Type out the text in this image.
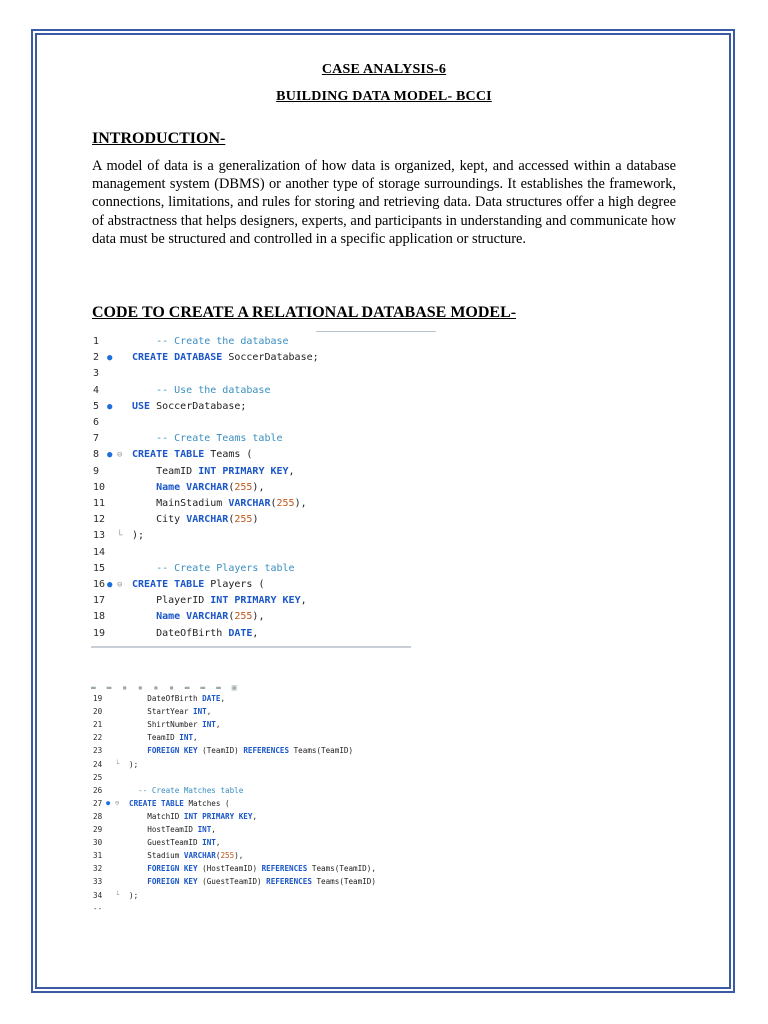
CASE ANALYSIS-6
BUILDING DATA MODEL- BCCI
INTRODUCTION-
A model of data is a generalization of how data is organized, kept, and accessed within a database management system (DBMS) or another type of storage surroundings. It establishes the framework, connections, limitations, and rules for storing and retrieving data. Data structures offer a high degree of abstractness that helps designers, experts, and participants in understanding and communicate how data must be structured and controlled in a specific application or structure.
CODE TO CREATE A RELATIONAL DATABASE MODEL-
1	-- Create the database
2 ●	CREATE DATABASE SoccerDatabase;
3
4	-- Use the database
5 ●	USE SoccerDatabase;
6
7	-- Create Teams table
8 ● ⊖ CREATE TABLE Teams (
9	TeamID INT PRIMARY KEY,
10	Name VARCHAR(255),
11	MainStadium VARCHAR(255),
12	City VARCHAR(255)
13	└ );
14
15	-- Create Players table
16 ● ⊖ CREATE TABLE Players (
17	PlayerID INT PRIMARY KEY,
18	Name VARCHAR(255),
19	DateOfBirth DATE,
▬ ▬ ▪ ▪ ▪ ▪ ▬ ▬ ▬ ▣
19	DateOfBirth DATE,
20	StartYear INT,
21	ShirtNumber INT,
22	TeamID INT,
23	FOREIGN KEY (TeamID) REFERENCES Teams(TeamID)
24 └ );
25
26	-- Create Matches table
27 ● ⊖ CREATE TABLE Matches (
28	MatchID INT PRIMARY KEY,
29	HostTeamID INT,
30	GuestTeamID INT,
31	Stadium VARCHAR(255),
32	FOREIGN KEY (HostTeamID) REFERENCES Teams(TeamID),
33	FOREIGN KEY (GuestTeamID) REFERENCES Teams(TeamID)
34 └ );
--
